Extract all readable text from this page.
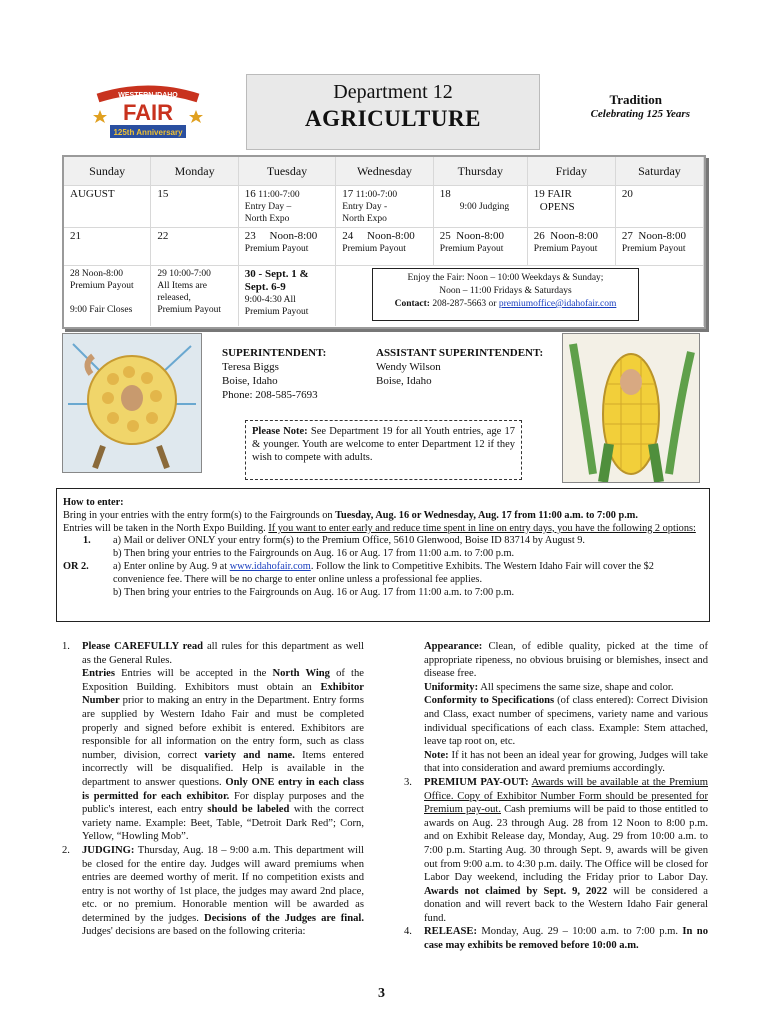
WESTERN IDAHO
FAIR
125th Anniversary
Department 12
AGRICULTURE
Tradition
Celebrating 125 Years
Sunday	Monday	Tuesday	Wednesday	Thursday	Friday	Saturday
AUGUST	15	16 11:00-7:00
Entry Day –
North Expo	17 11:00-7:00
Entry Day -
North Expo	18
9:00 Judging	19 FAIR
OPENS	20
21	22	23     Noon-8:00
Premium Payout	24     Noon-8:00
Premium Payout	25  Noon-8:00
Premium Payout	26  Noon-8:00
Premium Payout	27  Noon-8:00
Premium Payout
28 Noon-8:00
Premium Payout

9:00 Fair Closes	29 10:00-7:00
All Items are
released,
Premium Payout	30 - Sept. 1 &
Sept. 6-9
9:00-4:30 All
Premium Payout				
Enjoy the Fair: Noon – 10:00 Weekdays & Sunday;
Noon – 11:00 Fridays & Saturdays
Contact: 208-287-5663 or premiumoffice@idahofair.com
SUPERINTENDENT:
Teresa Biggs
Boise, Idaho
Phone: 208-585-7693
ASSISTANT SUPERINTENDENT:
Wendy Wilson
Boise, Idaho
Please Note: See Department 19 for all Youth entries, age 17 & younger. Youth are welcome to enter Department 12 if they wish to compete with adults.

How to enter:

Bring in your entries with the entry form(s) to the Fairgrounds on Tuesday, Aug. 16 or Wednesday, Aug. 17 from 11:00 a.m. to 7:00 p.m.

Entries will be taken in the North Expo Building. If you want to enter early and reduce time spent in line on entry days, you have the following 2 options:

1.	a) Mail or deliver ONLY your entry form(s) to the Premium Office, 5610 Glenwood, Boise ID 83714 by August 9.
b) Then bring your entries to the Fairgrounds on Aug. 16 or Aug. 17 from 11:00 a.m. to 7:00 p.m.
OR 2.	a) Enter online by Aug. 9 at www.idahofair.com. Follow the link to Competitive Exhibits. The Western Idaho Fair will cover the $2 convenience fee. There will be no charge to enter online unless a professional fee applies.
b) Then bring your entries to the Fairgrounds on Aug. 16 or Aug. 17 from 11:00 a.m. to 7:00 p.m.
1.	Please CAREFULLY read all rules for this department as well as the General Rules.
Entries Entries will be accepted in the North Wing of the Exposition Building. Exhibitors must obtain an Exhibitor Number prior to making an entry in the Department. Entry forms are supplied by Western Idaho Fair and must be completed properly and signed before exhibit is entered. Exhibitors are responsible for all information on the entry form, such as class number, division, correct variety and name. Items entered incorrectly will be disqualified. Help is available in the department to answer questions. Only ONE entry in each class is permitted for each exhibitor. For display purposes and the public's interest, each entry should be labeled with the correct variety name. Example: Beet, Table, “Detroit Dark Red”; Corn, Yellow, “Howling Mob”.
2.	JUDGING: Thursday, Aug. 18 – 9:00 a.m. This department will be closed for the entire day. Judges will award premiums when entries are deemed worthy of merit. If no competition exists and entry is not worthy of 1st place, the judges may award 2nd place, etc. or no premium. Honorable mention will be awarded as determined by the judges. Decisions of the Judges are final. Judges' decisions are based on the following criteria:
Appearance: Clean, of edible quality, picked at the time of appropriate ripeness, no obvious bruising or blemishes, insect and disease free.
Uniformity: All specimens the same size, shape and color.
Conformity to Specifications (of class entered): Correct Division and Class, exact number of specimens, variety name and various individual specifications of each class. Example: Stem attached, leave tap root on, etc.
Note: If it has not been an ideal year for growing, Judges will take that into consideration and award premiums accordingly.
3.	PREMIUM PAY-OUT: Awards will be available at the Premium Office. Copy of Exhibitor Number Form should be presented for Premium pay-out. Cash premiums will be paid to those entitled to awards on Aug. 23 through Aug. 28 from 12 Noon to 8:00 p.m. and on Exhibit Release day, Monday, Aug. 29 from 10:00 a.m. to 7:00 p.m. Starting Aug. 30 through Sept. 9, awards will be given out from 9:00 a.m. to 4:30 p.m. daily. The Office will be closed for Labor Day weekend, including the Friday prior to Labor Day. Awards not claimed by Sept. 9, 2022 will be considered a donation and will revert back to the Western Idaho Fair general fund.
4.	RELEASE: Monday, Aug. 29 – 10:00 a.m. to 7:00 p.m. In no case may exhibits be removed before 10:00 a.m.
3
